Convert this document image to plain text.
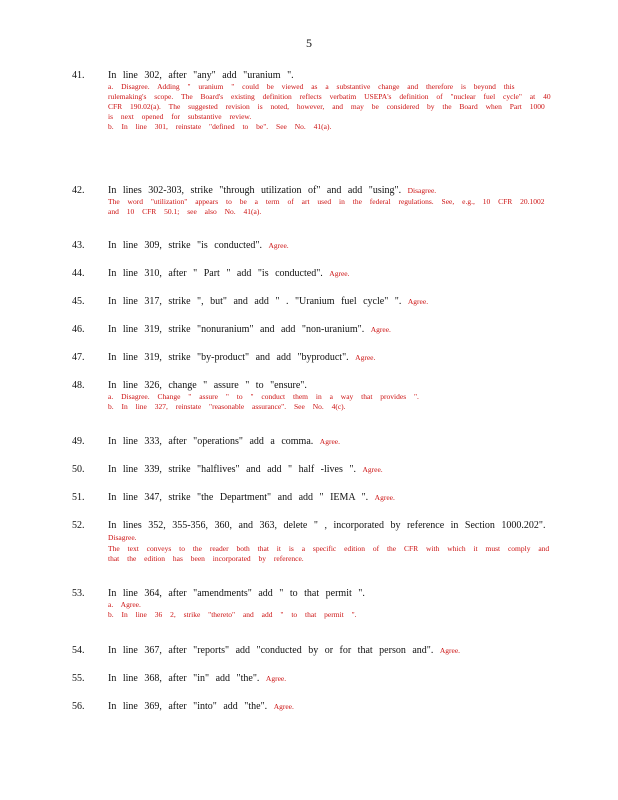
5
41.	In line 302, after "any" add "uranium ".
a. Disagree. Adding " uranium " could be viewed as a substantive change and therefore is beyond this rulemaking's scope. The Board's existing definition reflects verbatim USEPA's definition of "nuclear fuel cycle" at 40 CFR 190.02(a). The suggested revision is noted, however, and may be considered by the Board when Part 1000 is next opened for substantive review.
b. In line 301, reinstate "defined to be". See No. 41(a).
42.	In lines 302-303, strike "through utilization of" and add "using". Disagree.
The word "utilization" appears to be a term of art used in the federal regulations. See, e.g., 10 CFR 20.1002 and 10 CFR 50.1; see also No. 41(a).
43.	In line 309, strike "is conducted". Agree.
44.	In line 310, after " Part " add "is conducted". Agree.
45.	In line 317, strike ", but" and add " . "Uranium fuel cycle" ". Agree.
46.	In line 319, strike "nonuranium" and add "non-uranium". Agree.
47.	In line 319, strike "by-product" and add "byproduct". Agree.
48.	In line 326, change " assure " to "ensure".
a. Disagree. Change " assure " to " conduct them in a way that provides ".
b. In line 327, reinstate "reasonable assurance". See No. 4(c).
49.	In line 333, after "operations" add a comma. Agree.
50.	In line 339, strike "halflives" and add " half -lives ". Agree.
51.	In line 347, strike "the Department" and add " IEMA ". Agree.
52.	In lines 352, 355-356, 360, and 363, delete " , incorporated by reference in Section 1000.202". Disagree.
The text conveys to the reader both that it is a specific edition of the CFR with which it must comply and that the edition has been incorporated by reference.
53.	In line 364, after "amendments" add " to that permit ".
a. Agree.
b. In line 36 2, strike "thereto" and add " to that permit ".
54.	In line 367, after "reports" add "conducted by or for that person and". Agree.
55.	In line 368, after "in" add "the". Agree.
56.	In line 369, after "into" add "the". Agree.
